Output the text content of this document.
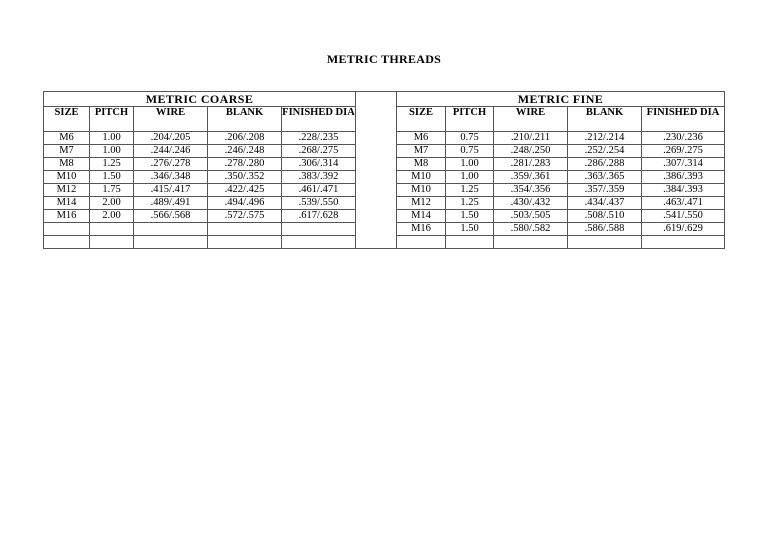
METRIC THREADS
METRIC COARSE						METRIC FINE				
SIZE	PITCH	WIRE	BLANK	FINISHED DIA		SIZE	PITCH	WIRE	BLANK	FINISHED DIA
M6	1.00	.204/.205	.206/.208	.228/.235		M6	0.75	.210/.211	.212/.214	.230/.236
M7	1.00	.244/.246	.246/.248	.268/.275		M7	0.75	.248/.250	.252/.254	.269/.275
M8	1.25	.276/.278	.278/.280	.306/.314		M8	1.00	.281/.283	.286/.288	.307/.314
M10	1.50	.346/.348	.350/.352	.383/.392		M10	1.00	.359/.361	.363/.365	.386/.393
M12	1.75	.415/.417	.422/.425	.461/.471		M10	1.25	.354/.356	.357/.359	.384/.393
M14	2.00	.489/.491	.494/.496	.539/.550		M12	1.25	.430/.432	.434/.437	.463/.471
M16	2.00	.566/.568	.572/.575	.617/.628		M14	1.50	.503/.505	.508/.510	.541/.550
						M16	1.50	.580/.582	.586/.588	.619/.629
